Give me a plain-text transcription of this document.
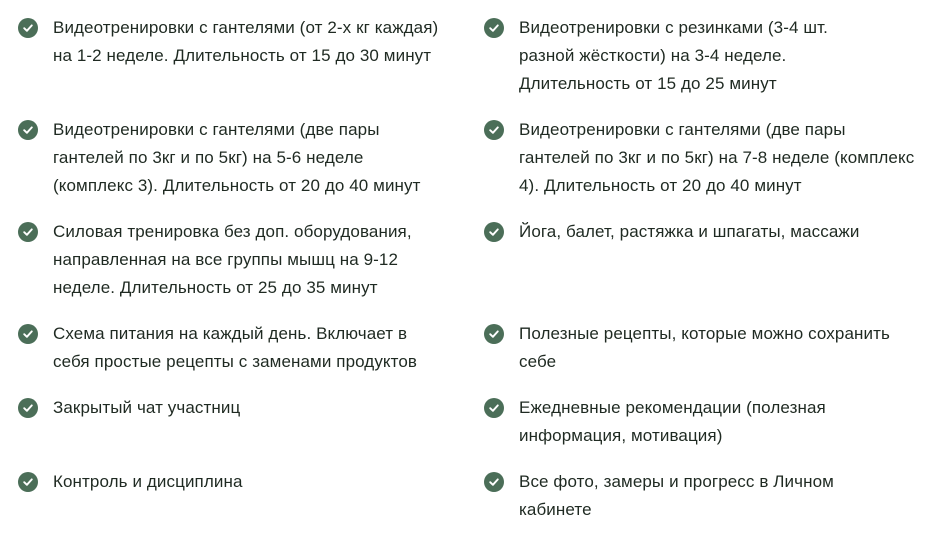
Видеотренировки с гантелями (от 2-х кг каждая) на 1-2 неделе. Длительность от 15 до 30 минут
Видеотренировки с гантелями (две пары гантелей по 3кг и по 5кг) на 5-6 неделе (комплекс 3). Длительность от 20 до 40 минут
Силовая тренировка без доп. оборудования, направленная на все группы мышц на 9-12 неделе. Длительность от 25 до 35 минут
Схема питания на каждый день. Включает в себя простые рецепты с заменами продуктов
Закрытый чат участниц
Контроль и дисциплина
Видеотренировки с резинками (3-4 шт. разной жёсткости) на 3-4 неделе. Длительность от 15 до 25 минут
Видеотренировки с гантелями (две пары гантелей по 3кг и по 5кг) на 7-8 неделе (комплекс 4). Длительность от 20 до 40 минут
Йога, балет, растяжка и шпагаты, массажи
Полезные рецепты, которые можно сохранить себе
Ежедневные рекомендации (полезная информация, мотивация)
Все фото, замеры и прогресс в Личном кабинете
